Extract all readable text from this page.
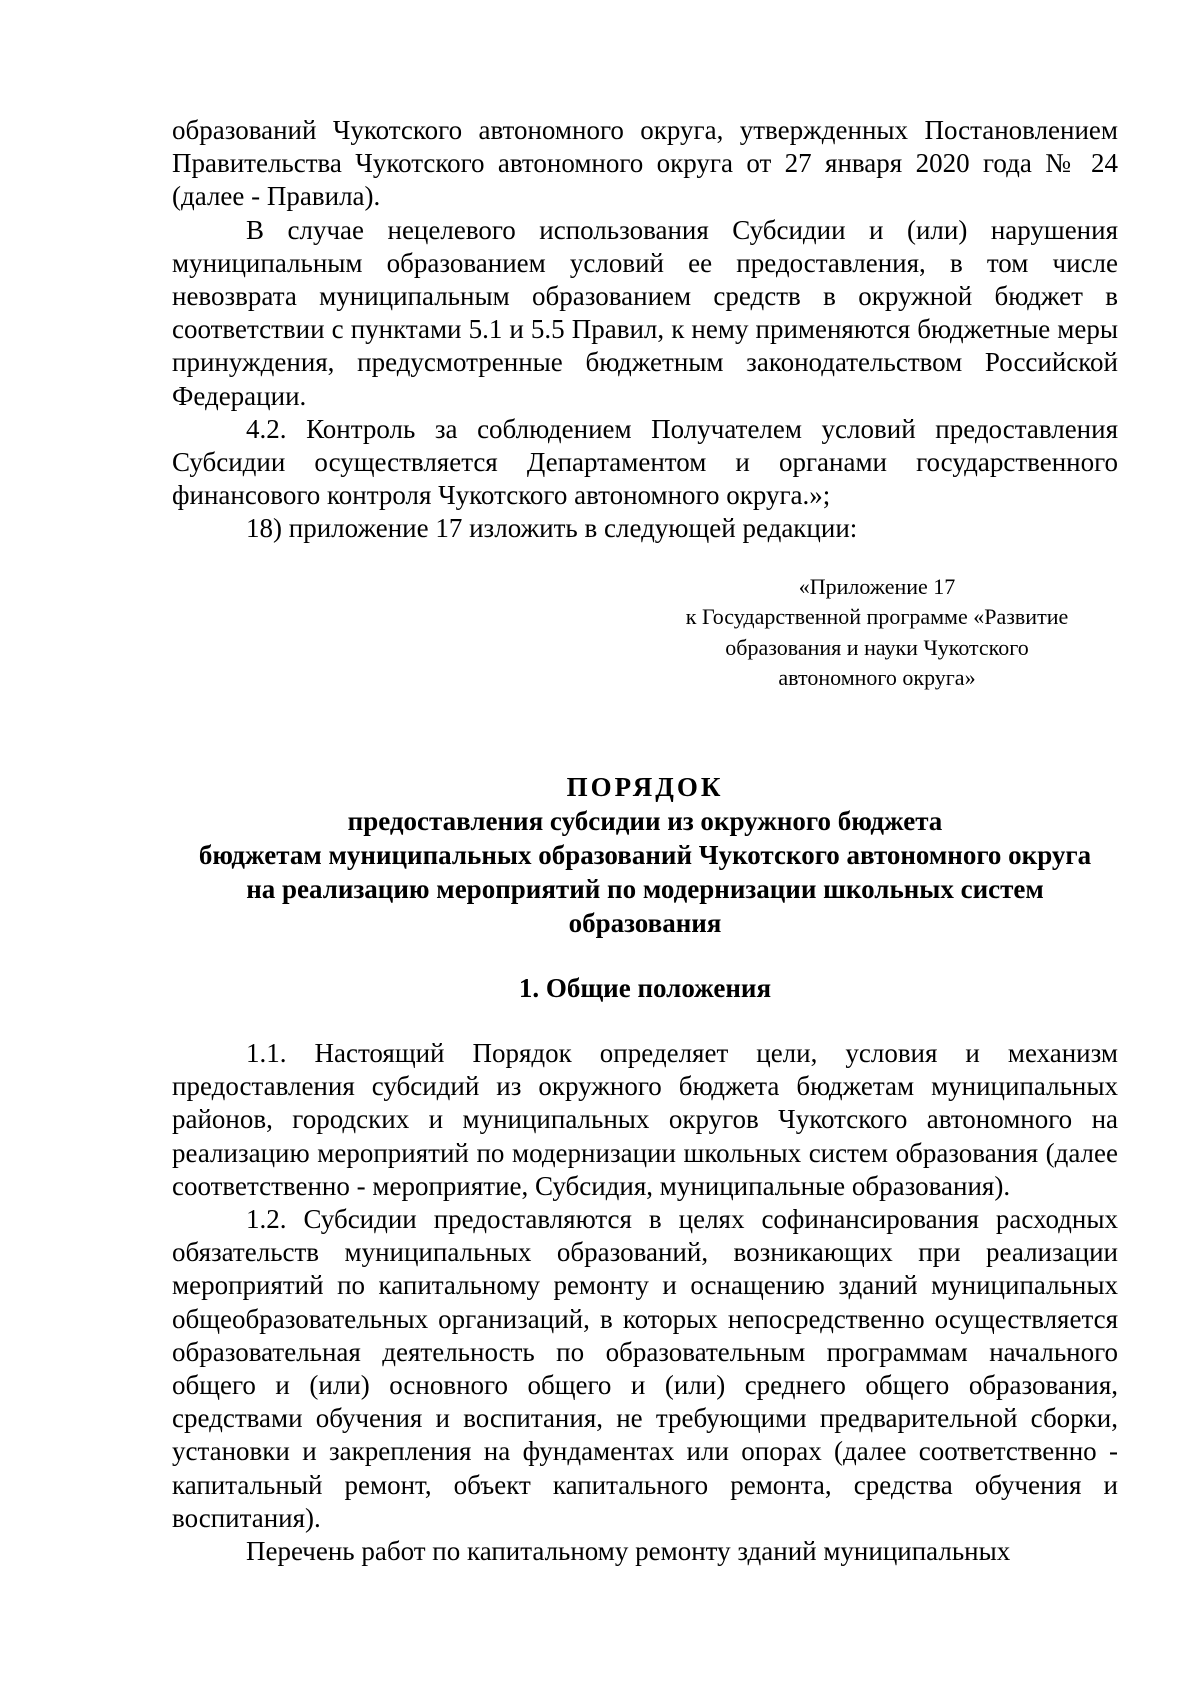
образований Чукотского автономного округа, утвержденных Постановлением Правительства Чукотского автономного округа от 27 января 2020 года № 24 (далее - Правила).

В случае нецелевого использования Субсидии и (или) нарушения муниципальным образованием условий ее предоставления, в том числе невозврата муниципальным образованием средств в окружной бюджет в соответствии с пунктами 5.1 и 5.5 Правил, к нему применяются бюджетные меры принуждения, предусмотренные бюджетным законодательством Российской Федерации.

4.2. Контроль за соблюдением Получателем условий предоставления Субсидии осуществляется Департаментом и органами государственного финансового контроля Чукотского автономного округа.»;

18) приложение 17 изложить в следующей редакции:

«Приложение 17
к Государственной программе «Развитие
образования и науки Чукотского
автономного округа»
ПОРЯДОК
предоставления субсидии из окружного бюджета
бюджетам муниципальных образований Чукотского автономного округа
на реализацию мероприятий по модернизации школьных систем
образования
1. Общие положения

1.1. Настоящий Порядок определяет цели, условия и механизм предоставления субсидий из окружного бюджета бюджетам муниципальных районов, городских и муниципальных округов Чукотского автономного на реализацию мероприятий по модернизации школьных систем образования (далее соответственно - мероприятие, Субсидия, муниципальные образования).

1.2. Субсидии предоставляются в целях софинансирования расходных обязательств муниципальных образований, возникающих при реализации мероприятий по капитальному ремонту и оснащению зданий муниципальных общеобразовательных организаций, в которых непосредственно осуществляется образовательная деятельность по образовательным программам начального общего и (или) основного общего и (или) среднего общего образования, средствами обучения и воспитания, не требующими предварительной сборки, установки и закрепления на фундаментах или опорах (далее соответственно - капитальный ремонт, объект капитального ремонта, средства обучения и воспитания).

Перечень работ по капитальному ремонту зданий муниципальных
